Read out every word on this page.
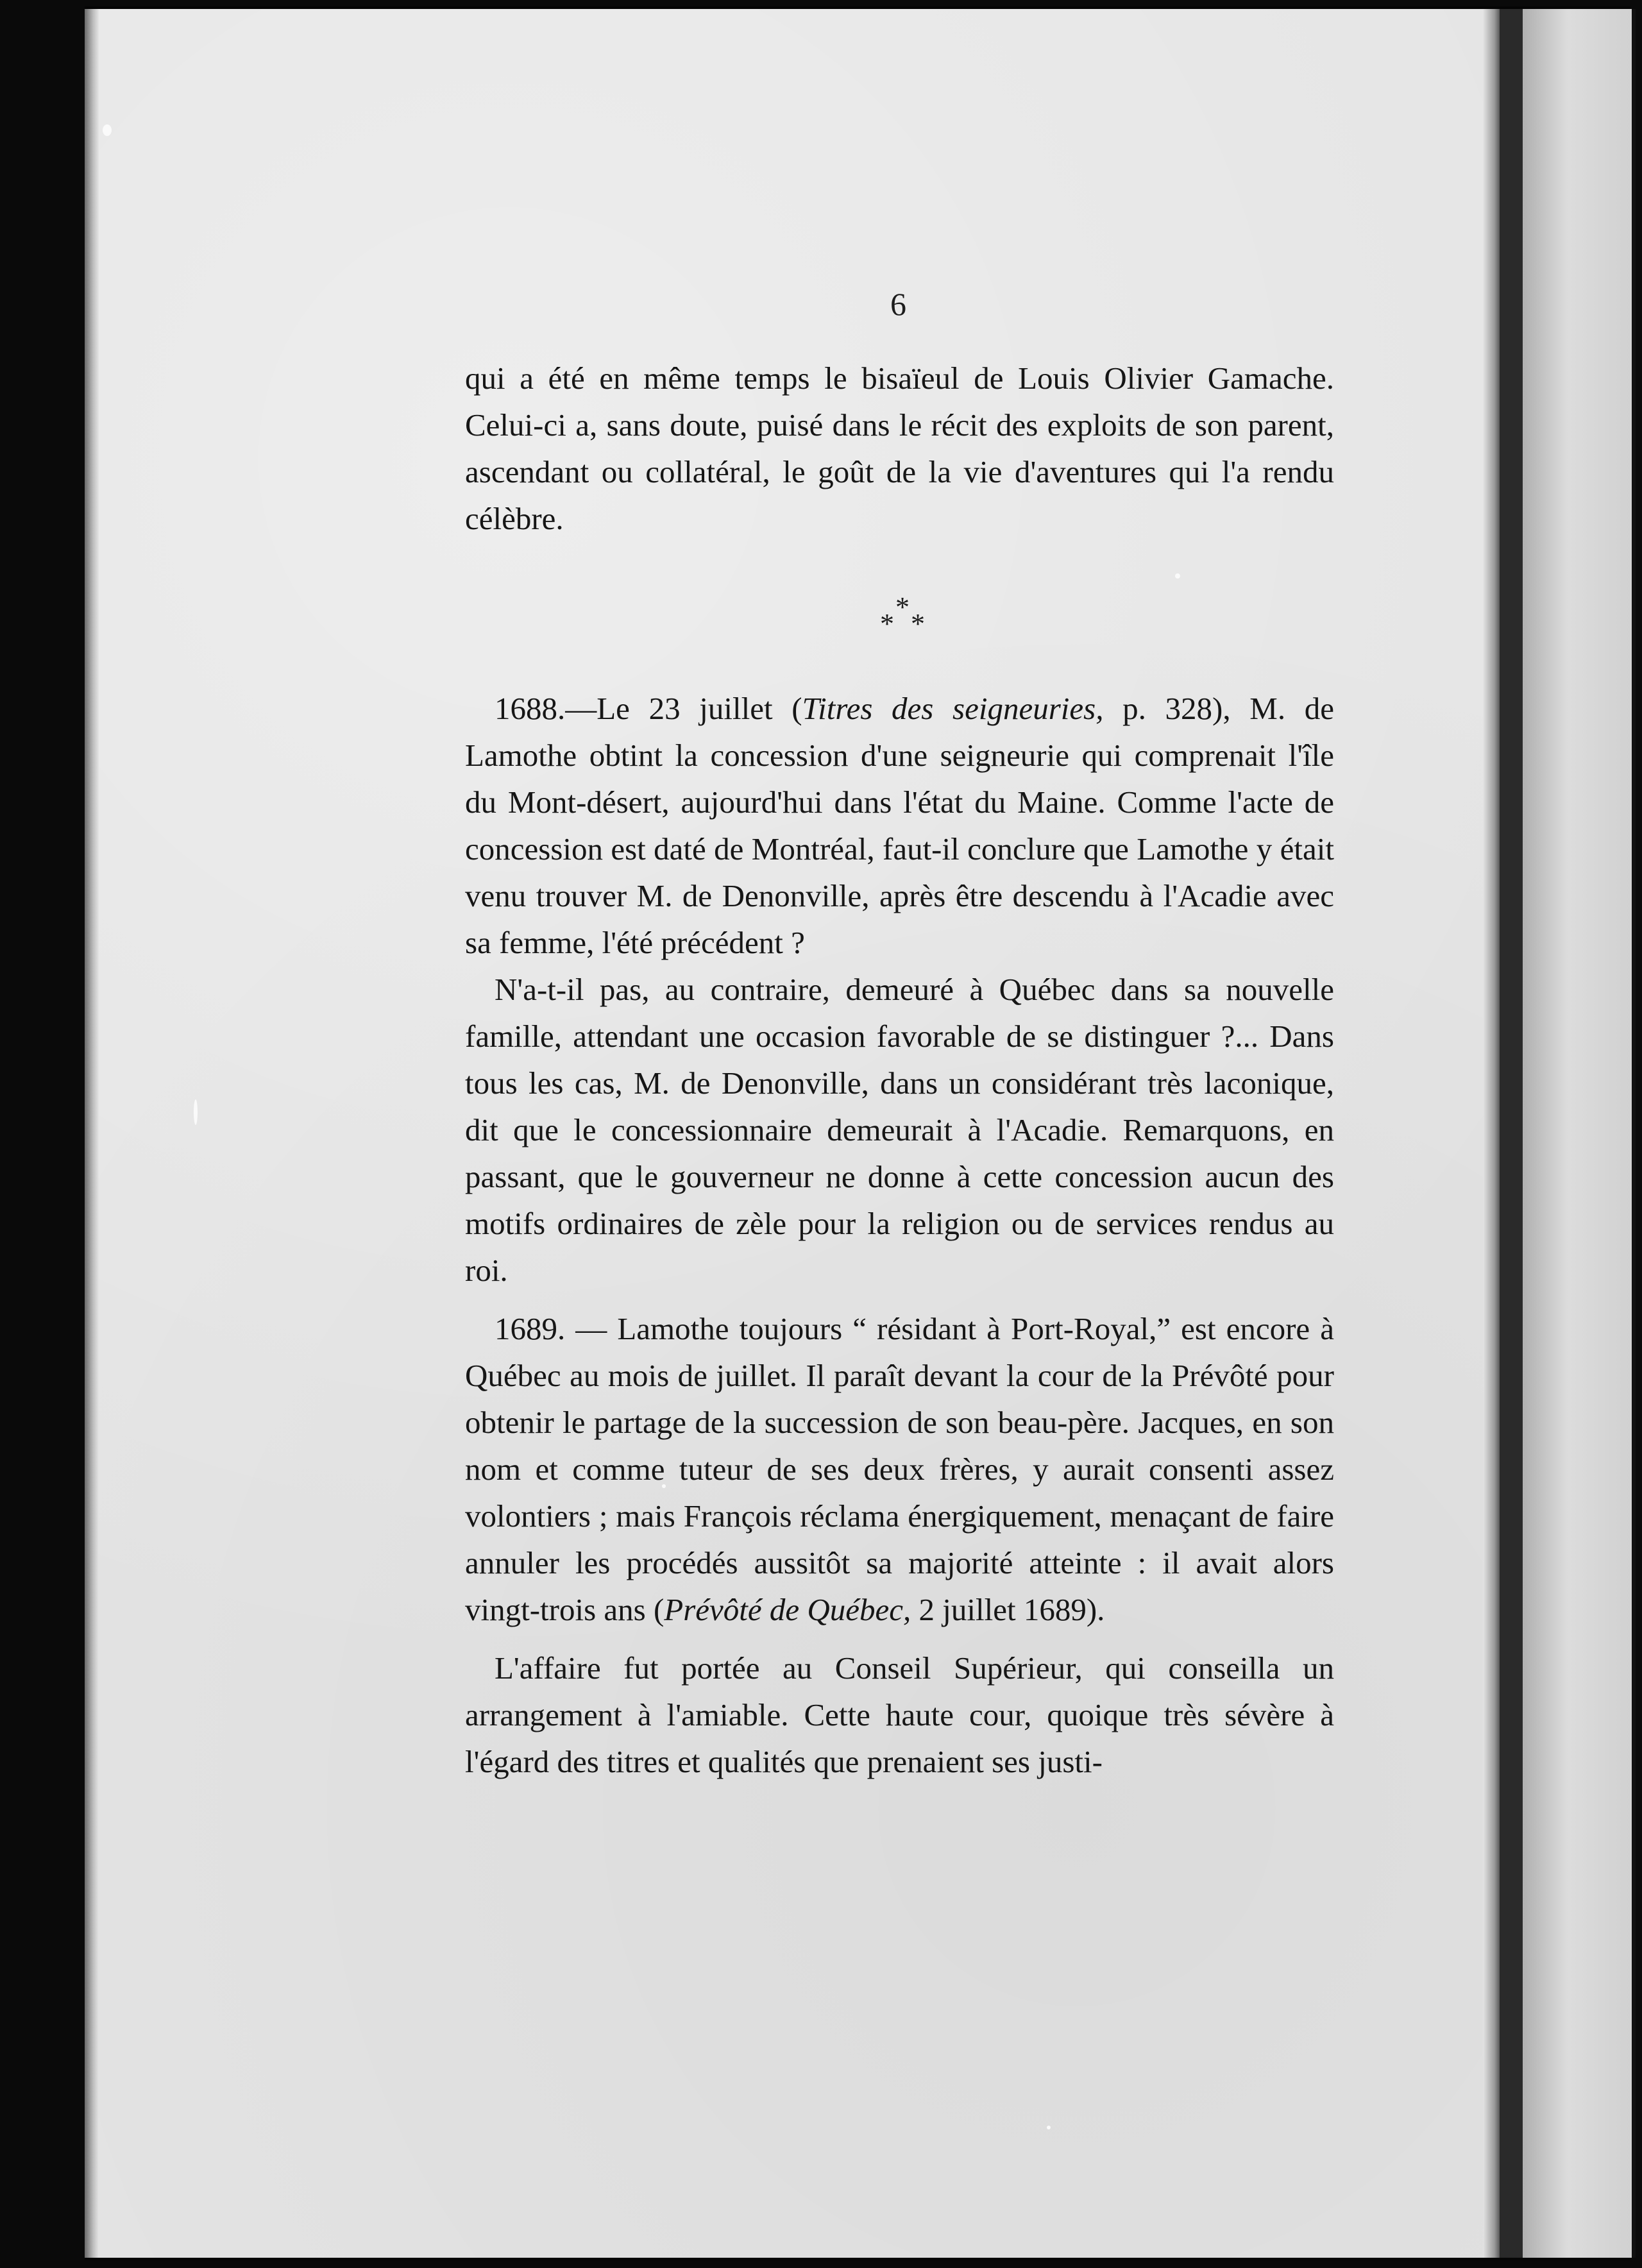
6

qui a été en même temps le bisaïeul de Louis Olivier Gamache. Celui-ci a, sans doute, puisé dans le récit des exploits de son parent, ascendant ou collatéral, le goût de la vie d'aventures qui l'a rendu célèbre.

*
* *

1688.—Le 23 juillet (Titres des seigneuries, p. 328), M. de Lamothe obtint la concession d'une seigneurie qui comprenait l'île du Mont-désert, aujourd'hui dans l'état du Maine. Comme l'acte de concession est daté de Montréal, faut-il conclure que Lamothe y était venu trouver M. de Denonville, après être descendu à l'Acadie avec sa femme, l'été précédent ?

N'a-t-il pas, au contraire, demeuré à Québec dans sa nouvelle famille, attendant une occasion favorable de se distinguer ?... Dans tous les cas, M. de Denonville, dans un considérant très laconique, dit que le concessionnaire demeurait à l'Acadie. Remarquons, en passant, que le gouverneur ne donne à cette concession aucun des motifs ordinaires de zèle pour la religion ou de services rendus au roi.

1689. — Lamothe toujours “ résidant à Port-Royal,” est encore à Québec au mois de juillet. Il paraît devant la cour de la Prévôté pour obtenir le partage de la succession de son beau-père. Jacques, en son nom et comme tuteur de ses deux frères, y aurait consenti assez volontiers ; mais François réclama énergiquement, menaçant de faire annuler les procédés aussitôt sa majorité atteinte : il avait alors vingt-trois ans (Prévôté de Québec, 2 juillet 1689).

L'affaire fut portée au Conseil Supérieur, qui conseilla un arrangement à l'amiable. Cette haute cour, quoique très sévère à l'égard des titres et qualités que prenaient ses justi-
